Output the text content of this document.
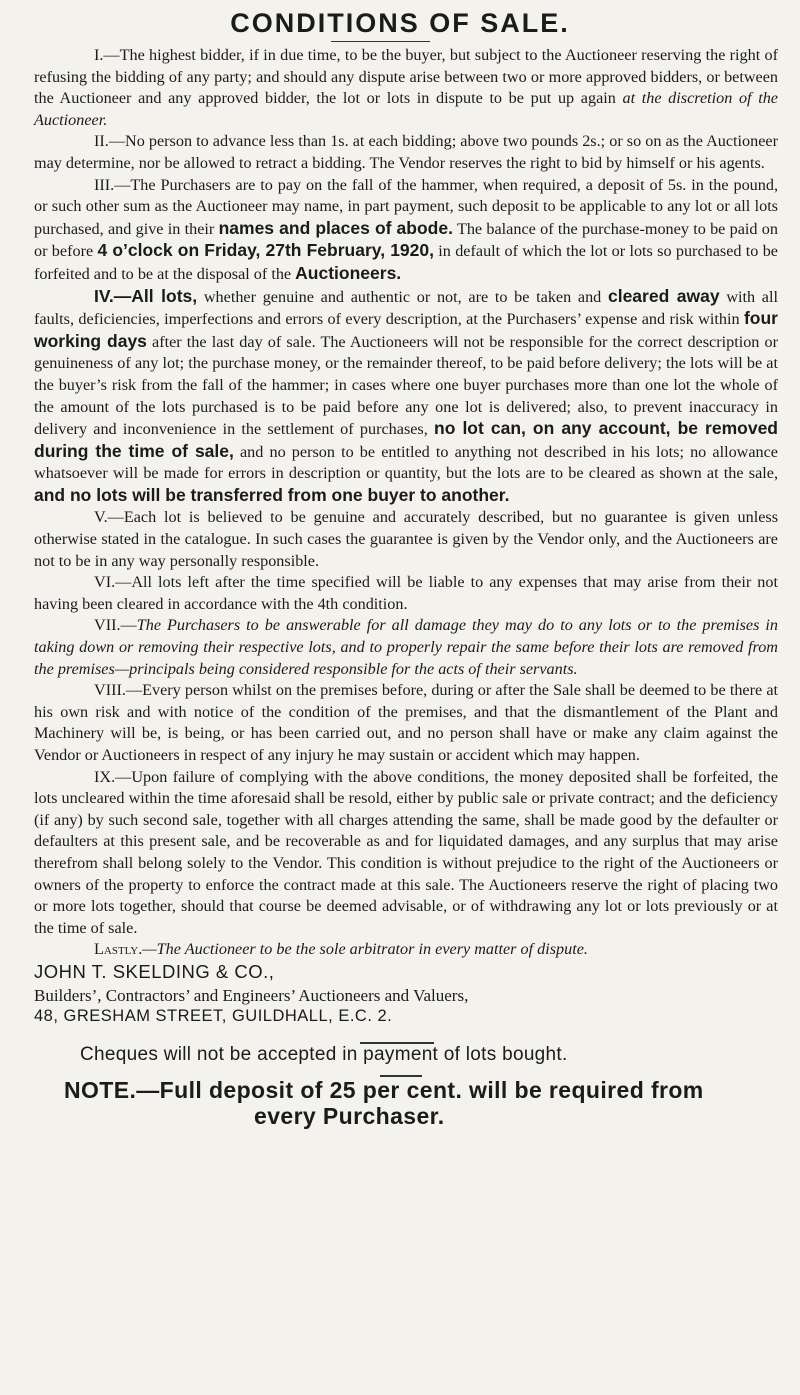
CONDITIONS OF SALE.

I.—The highest bidder, if in due time, to be the buyer, but subject to the Auctioneer reserving the right of refusing the bidding of any party; and should any dispute arise between two or more approved bidders, or between the Auctioneer and any approved bidder, the lot or lots in dispute to be put up again at the discretion of the Auctioneer.

II.—No person to advance less than 1s. at each bidding; above two pounds 2s.; or so on as the Auctioneer may determine, nor be allowed to retract a bidding. The Vendor reserves the right to bid by himself or his agents.

III.—The Purchasers are to pay on the fall of the hammer, when required, a deposit of 5s. in the pound, or such other sum as the Auctioneer may name, in part payment, such deposit to be applicable to any lot or all lots purchased, and give in their names and places of abode. The balance of the purchase-money to be paid on or before 4 o’clock on Friday, 27th February, 1920, in default of which the lot or lots so purchased to be forfeited and to be at the disposal of the Auctioneers.

IV.—All lots, whether genuine and authentic or not, are to be taken and cleared away with all faults, deficiencies, imperfections and errors of every description, at the Purchasers’ expense and risk within four working days after the last day of sale. The Auctioneers will not be responsible for the correct description or genuineness of any lot; the purchase money, or the remainder thereof, to be paid before delivery; the lots will be at the buyer’s risk from the fall of the hammer; in cases where one buyer purchases more than one lot the whole of the amount of the lots purchased is to be paid before any one lot is delivered; also, to prevent inaccuracy in delivery and inconvenience in the settlement of purchases, no lot can, on any account, be removed during the time of sale, and no person to be entitled to anything not described in his lots; no allowance whatsoever will be made for errors in description or quantity, but the lots are to be cleared as shown at the sale, and no lots will be transferred from one buyer to another.

V.—Each lot is believed to be genuine and accurately described, but no guarantee is given unless otherwise stated in the catalogue. In such cases the guarantee is given by the Vendor only, and the Auctioneers are not to be in any way personally responsible.

VI.—All lots left after the time specified will be liable to any expenses that may arise from their not having been cleared in accordance with the 4th condition.

VII.—The Purchasers to be answerable for all damage they may do to any lots or to the premises in taking down or removing their respective lots, and to properly repair the same before their lots are removed from the premises—principals being considered responsible for the acts of their servants.

VIII.—Every person whilst on the premises before, during or after the Sale shall be deemed to be there at his own risk and with notice of the condition of the premises, and that the dismantlement of the Plant and Machinery will be, is being, or has been carried out, and no person shall have or make any claim against the Vendor or Auctioneers in respect of any injury he may sustain or accident which may happen.

IX.—Upon failure of complying with the above conditions, the money deposited shall be forfeited, the lots uncleared within the time aforesaid shall be resold, either by public sale or private contract; and the deficiency (if any) by such second sale, together with all charges attending the same, shall be made good by the defaulter or defaulters at this present sale, and be recoverable as and for liquidated damages, and any surplus that may arise therefrom shall belong solely to the Vendor. This condition is without prejudice to the right of the Auctioneers or owners of the property to enforce the contract made at this sale. The Auctioneers reserve the right of placing two or more lots together, should that course be deemed advisable, or of withdrawing any lot or lots previously or at the time of sale.

Lastly.—The Auctioneer to be the sole arbitrator in every matter of dispute.

JOHN T. SKELDING & CO.,

Builders’, Contractors’ and Engineers’ Auctioneers and Valuers,

48, GRESHAM STREET, GUILDHALL, E.C. 2.

Cheques will not be accepted in payment of lots bought.

NOTE.—Full deposit of 25 per cent. will be required from

every Purchaser.
